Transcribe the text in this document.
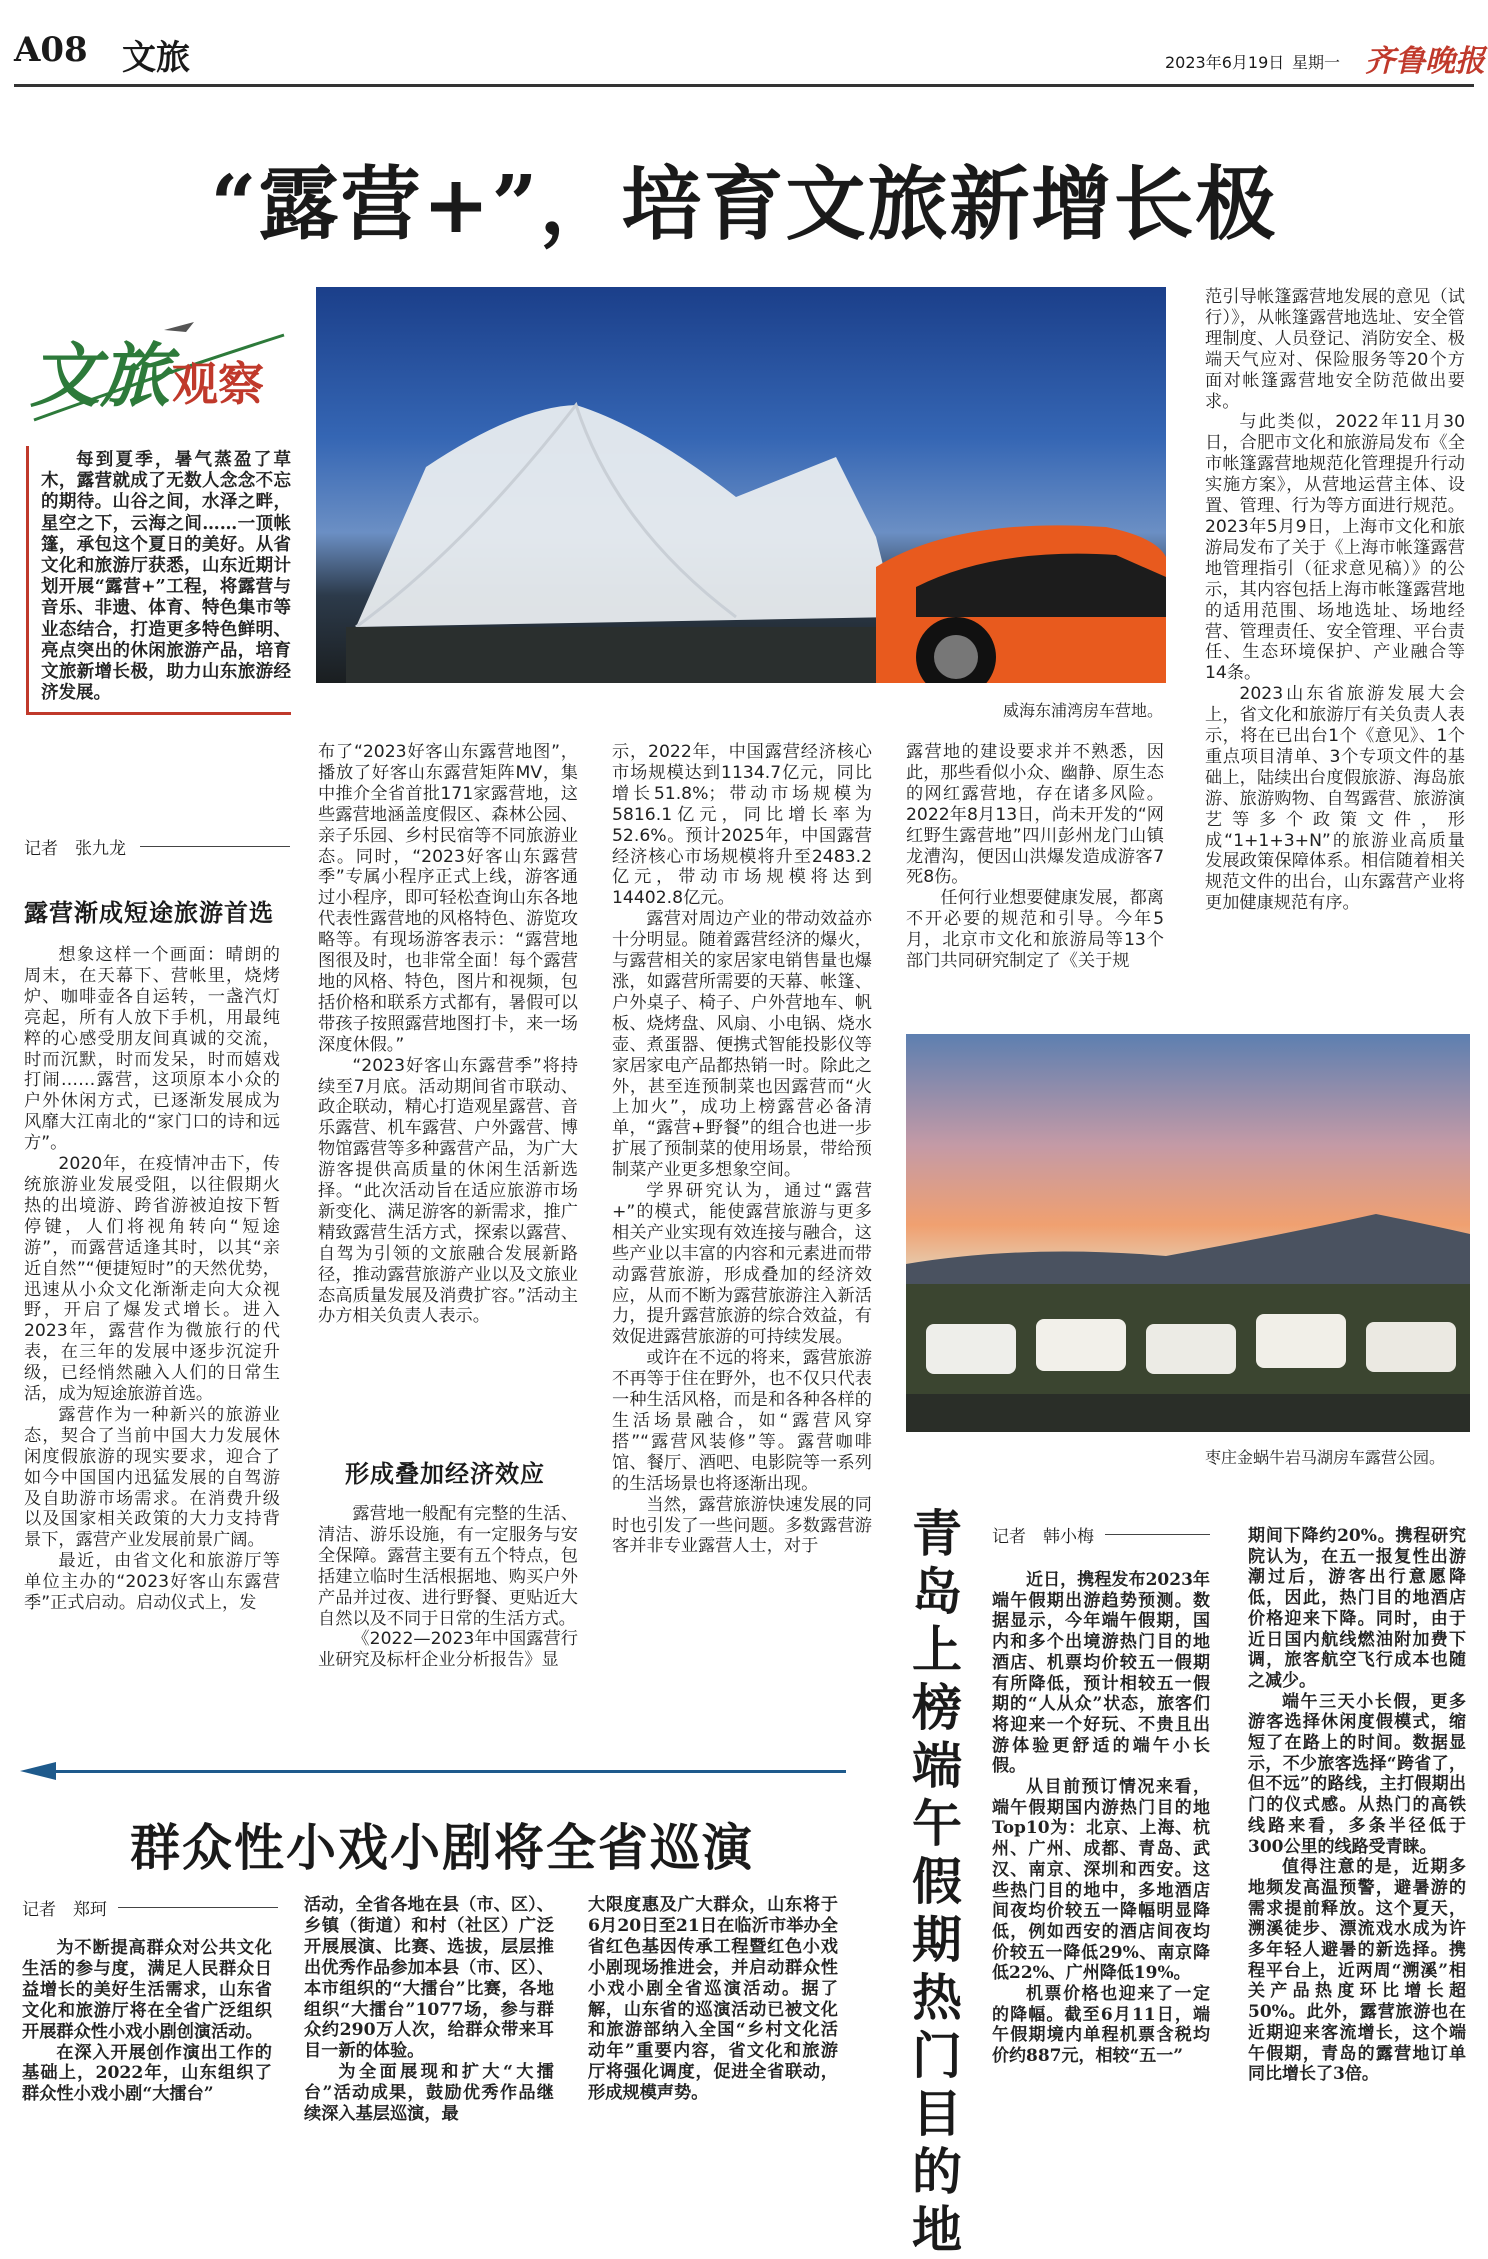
A08 文旅	2023年6月19日 星期一 齐鲁晚报
“露营+”，培育文旅新增长极
文旅 观察

每到夏季，暑气蒸盈了草木，露营就成了无数人念念不忘的期待。山谷之间，水泽之畔，星空之下，云海之间……一顶帐篷，承包这个夏日的美好。从省文化和旅游厅获悉，山东近期计划开展“露营+”工程，将露营与音乐、非遗、体育、特色集市等业态结合，打造更多特色鲜明、亮点突出的休闲旅游产品，培育文旅新增长极，助力山东旅游经济发展。

威海东浦湾房车营地。
记者　张九龙
露营渐成短途旅游首选

想象这样一个画面：晴朗的周末，在天幕下、营帐里，烧烤炉、咖啡壶各自运转，一盏汽灯亮起，所有人放下手机，用最纯粹的心感受朋友间真诚的交流，时而沉默，时而发呆，时而嬉戏打闹……露营，这项原本小众的户外休闲方式，已逐渐发展成为风靡大江南北的“家门口的诗和远方”。

2020年，在疫情冲击下，传统旅游业发展受阻，以往假期火热的出境游、跨省游被迫按下暂停键，人们将视角转向“短途游”，而露营适逢其时，以其“亲近自然”“便捷短时”的天然优势，迅速从小众文化渐渐走向大众视野，开启了爆发式增长。进入2023年，露营作为微旅行的代表，在三年的发展中逐步沉淀升级，已经悄然融入人们的日常生活，成为短途旅游首选。

露营作为一种新兴的旅游业态，契合了当前中国大力发展休闲度假旅游的现实要求，迎合了如今中国国内迅猛发展的自驾游及自助游市场需求。在消费升级以及国家相关政策的大力支持背景下，露营产业发展前景广阔。

最近，由省文化和旅游厅等单位主办的“2023好客山东露营季”正式启动。启动仪式上，发

布了“2023好客山东露营地图”，播放了好客山东露营矩阵MV，集中推介全省首批171家露营地，这些露营地涵盖度假区、森林公园、亲子乐园、乡村民宿等不同旅游业态。同时，“2023好客山东露营季”专属小程序正式上线，游客通过小程序，即可轻松查询山东各地代表性露营地的风格特色、游览攻略等。有现场游客表示：“露营地图很及时，也非常全面！每个露营地的风格、特色，图片和视频，包括价格和联系方式都有，暑假可以带孩子按照露营地图打卡，来一场深度休假。”

“2023好客山东露营季”将持续至7月底。活动期间省市联动、政企联动，精心打造观星露营、音乐露营、机车露营、户外露营、博物馆露营等多种露营产品，为广大游客提供高质量的休闲生活新选择。“此次活动旨在适应旅游市场新变化、满足游客的新需求，推广精致露营生活方式，探索以露营、自驾为引领的文旅融合发展新路径，推动露营旅游产业以及文旅业态高质量发展及消费扩容。”活动主办方相关负责人表示。

形成叠加经济效应

露营地一般配有完整的生活、清洁、游乐设施，有一定服务与安全保障。露营主要有五个特点，包括建立临时生活根据地、购买户外产品并过夜、进行野餐、更贴近大自然以及不同于日常的生活方式。

《2022—2023年中国露营行业研究及标杆企业分析报告》显

示，2022年，中国露营经济核心市场规模达到1134.7亿元，同比增长51.8%；带动市场规模为5816.1亿元，同比增长率为52.6%。预计2025年，中国露营经济核心市场规模将升至2483.2亿元，带动市场规模将达到14402.8亿元。

露营对周边产业的带动效益亦十分明显。随着露营经济的爆火，与露营相关的家居家电销售量也爆涨，如露营所需要的天幕、帐篷、户外桌子、椅子、户外营地车、帆板、烧烤盘、风扇、小电锅、烧水壶、煮蛋器、便携式智能投影仪等家居家电产品都热销一时。除此之外，甚至连预制菜也因露营而“火上加火”，成功上榜露营必备清单，“露营+野餐”的组合也进一步扩展了预制菜的使用场景，带给预制菜产业更多想象空间。

学界研究认为，通过“露营+”的模式，能使露营旅游与更多相关产业实现有效连接与融合，这些产业以丰富的内容和元素进而带动露营旅游，形成叠加的经济效应，从而不断为露营旅游注入新活力，提升露营旅游的综合效益，有效促进露营旅游的可持续发展。

或许在不远的将来，露营旅游不再等于住在野外，也不仅只代表一种生活风格，而是和各种各样的生活场景融合，如“露营风穿搭”“露营风装修”等。露营咖啡馆、餐厅、酒吧、电影院等一系列的生活场景也将逐渐出现。

当然，露营旅游快速发展的同时也引发了一些问题。多数露营游客并非专业露营人士，对于

露营地的建设要求并不熟悉，因此，那些看似小众、幽静、原生态的网红露营地，存在诸多风险。2022年8月13日，尚未开发的“网红野生露营地”四川彭州龙门山镇龙漕沟，便因山洪爆发造成游客7死8伤。

任何行业想要健康发展，都离不开必要的规范和引导。今年5月，北京市文化和旅游局等13个部门共同研究制定了《关于规

范引导帐篷露营地发展的意见（试行）》，从帐篷露营地选址、安全管理制度、人员登记、消防安全、极端天气应对、保险服务等20个方面对帐篷露营地安全防范做出要求。

与此类似，2022年11月30日，合肥市文化和旅游局发布《全市帐篷露营地规范化管理提升行动实施方案》，从营地运营主体、设置、管理、行为等方面进行规范。2023年5月9日，上海市文化和旅游局发布了关于《上海市帐篷露营地管理指引（征求意见稿）》的公示，其内容包括上海市帐篷露营地的适用范围、场地选址、场地经营、管理责任、安全管理、平台责任、生态环境保护、产业融合等14条。

2023山东省旅游发展大会上，省文化和旅游厅有关负责人表示，将在已出台1个《意见》、1个重点项目清单、3个专项文件的基础上，陆续出台度假旅游、海岛旅游、旅游购物、自驾露营、旅游演艺等多个政策文件，形成“1+1+3+N”的旅游业高质量发展政策保障体系。相信随着相关规范文件的出台，山东露营产业将更加健康规范有序。

枣庄金蜗牛岩马湖房车露营公园。
青岛上榜端午假期热门目的地
记者　韩小梅

近日，携程发布2023年端午假期出游趋势预测。数据显示，今年端午假期，国内和多个出境游热门目的地酒店、机票均价较五一假期有所降低，预计相较五一假期的“人从众”状态，旅客们将迎来一个好玩、不贵且出游体验更舒适的端午小长假。

从目前预订情况来看，端午假期国内游热门目的地Top10为：北京、上海、杭州、广州、成都、青岛、武汉、南京、深圳和西安。这些热门目的地中，多地酒店间夜均价较五一降幅明显降低，例如西安的酒店间夜均价较五一降低29%、南京降低22%、广州降低19%。

机票价格也迎来了一定的降幅。截至6月11日，端午假期境内单程机票含税均价约887元，相较“五一”

期间下降约20%。携程研究院认为，在五一报复性出游潮过后，游客出行意愿降低，因此，热门目的地酒店价格迎来下降。同时，由于近日国内航线燃油附加费下调，旅客航空飞行成本也随之减少。

端午三天小长假，更多游客选择休闲度假模式，缩短了在路上的时间。数据显示，不少旅客选择“跨省了，但不远”的路线，主打假期出门的仪式感。从热门的高铁线路来看，多条半径低于300公里的线路受青睐。

值得注意的是，近期多地频发高温预警，避暑游的需求提前释放。这个夏天，溯溪徒步、漂流戏水成为许多年轻人避暑的新选择。携程平台上，近两周“溯溪”相关产品热度环比增长超50%。此外，露营旅游也在近期迎来客流增长，这个端午假期，青岛的露营地订单同比增长了3倍。

群众性小戏小剧将全省巡演
记者　郑珂

为不断提高群众对公共文化生活的参与度，满足人民群众日益增长的美好生活需求，山东省文化和旅游厅将在全省广泛组织开展群众性小戏小剧创演活动。

在深入开展创作演出工作的基础上，2022年，山东组织了群众性小戏小剧“大擂台”

活动，全省各地在县（市、区）、乡镇（街道）和村（社区）广泛开展展演、比赛、选拔，层层推出优秀作品参加本县（市、区）、本市组织的“大擂台”比赛，各地组织“大擂台”1077场，参与群众约290万人次，给群众带来耳目一新的体验。

为全面展现和扩大“大擂台”活动成果，鼓励优秀作品继续深入基层巡演，最

大限度惠及广大群众，山东将于6月20日至21日在临沂市举办全省红色基因传承工程暨红色小戏小剧现场推进会，并启动群众性小戏小剧全省巡演活动。据了解，山东省的巡演活动已被文化和旅游部纳入全国“乡村文化活动年”重要内容，省文化和旅游厅将强化调度，促进全省联动，形成规模声势。
